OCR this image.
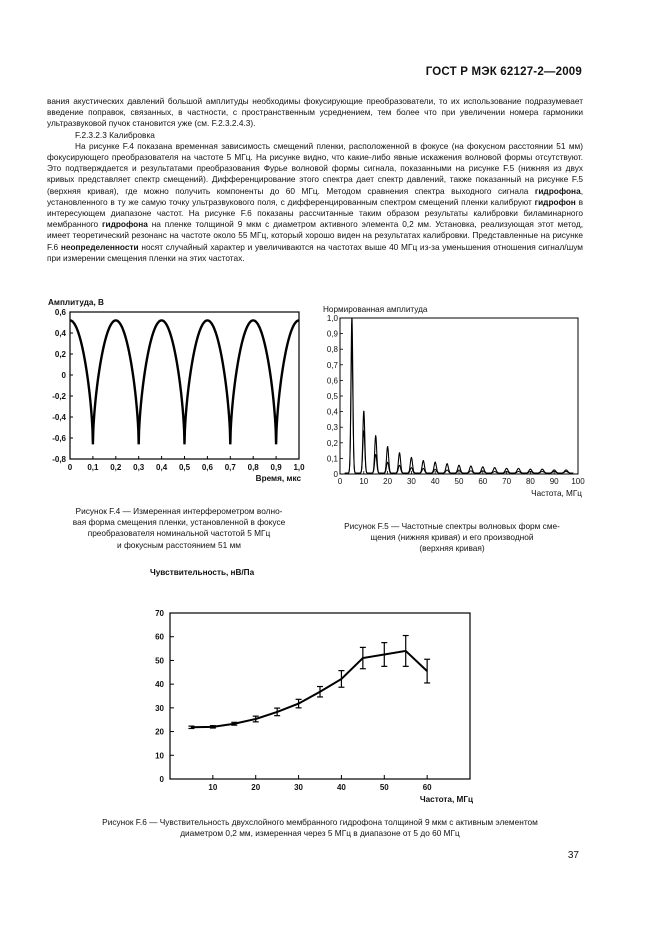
ГОСТ Р МЭК 62127-2—2009

вания акустических давлений большой амплитуды необходимы фокусирующие преобразователи, то их использование подразумевает введение поправок, связанных, в частности, с пространственным усреднением, тем более что при увеличении номера гармоники ультразвуковой пучок становится уже (см. F.2.3.2.4.3).

F.2.3.2.3 Калибровка

На рисунке F.4 показана временная зависимость смещений пленки, расположенной в фокусе (на фокусном расстоянии 51 мм) фокусирующего преобразователя на частоте 5 МГц. На рисунке видно, что какие-либо явные искажения волновой формы отсутствуют. Это подтверждается и результатами преобразования Фурье волновой формы сигнала, показанными на рисунке F.5 (нижняя из двух кривых представляет спектр смещений). Дифференцирование этого спектра дает спектр давлений, также показанный на рисунке F.5 (верхняя кривая), где можно получить компоненты до 60 МГц. Методом сравнения спектра выходного сигнала гидрофона, установленного в ту же самую точку ультразвукового поля, с дифференцированным спектром смещений пленки калибруют гидрофон в интересующем диапазоне частот. На рисунке F.6 показаны рассчитанные таким образом результаты калибровки билaминарного мембранного гидрофона на пленке толщиной 9 мкм с диаметром активного элемента 0,2 мм. Установка, реализующая этот метод, имеет теоретический резонанс на частоте около 55 МГц, который хорошо виден на результатах калибровки. Представленные на рисунке F.6 неопределенности носят случайный характер и увеличиваются на частотах выше 40 МГц из-за уменьшения отношения сигнал/шум при измерении смещения пленки на этих частотах.

Амплитуда, В
-0,8
-0,6
-0,4
-0,2
0
0,2
0,4
0,6
0 0,1 0,2 0,3 0,4 0,5 0,6 0,7 0,8 0,9 1,0
Время, мкс
Рисунок F.4 — Измеренная интерферометром волно-
вая форма смещения пленки, установленной в фокусе
преобразователя номинальной частотой 5 МГц
и фокусным расстоянием 51 мм
Нормированная амплитуда
0
0,1
0,2
0,3
0,4
0,5
0,6
0,7
0,8
0,9
1,0
0 10 20 30 40 50 60 70 80 90 100
Частота, МГц
Рисунок F.5 — Частотные спектры волновых форм сме-
щения (нижняя кривая) и его производной
(верхняя кривая)
Чувствительность, нВ/Па
0
10
20
30
40
50
60
70
10	20	30	40	50	60
Частота, МГц
Рисунок F.6 — Чувствительность двухслойного мембранного гидрофона толщиной 9 мкм с активным элементом
диаметром 0,2 мм, измеренная через 5 МГц в диапазоне от 5 до 60 МГц
37
